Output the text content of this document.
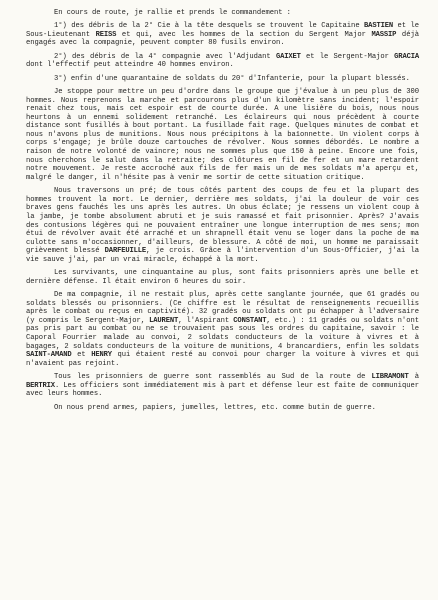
En cours de route, je rallie et prends le commandement :

1°) des débris de la 2° Cie à la tête desquels se trouvent le Capitaine BASTIEN et le Sous-Lieutenant REISS et qui, avec les hommes de la section du Sergent Major MASSIP déjà engagés avec la compagnie, peuvent compter 80 fusils environ.

2°) des débris de la 4° compagnie avec l'Adjudant GAIXET et le Sergent-Major GRACIA dont l'effectif peut atteindre 40 hommes environ.

3°) enfin d'une quarantaine de soldats du 20° d'Infanterie, pour la plupart blessés.

Je stoppe pour mettre un peu d'ordre dans le groupe que j'évalue à un peu plus de 300 hommes. Nous reprenons la marche et parcourons plus d'un kilomètre sans incident; l'espoir renait chez tous, mais cet espoir est de courte durée. A une lisière du bois, nous nous heurtons à un ennemi solidement retranché. Les éclaireurs qui nous précèdent à courte distance sont fusillés à bout portant. La fusillade fait rage. Quelques minutes de combat et nous n'avons plus de munitions. Nous nous précipitons à la baïonnette. Un violent corps à corps s'engage; je brûle douze cartouches de révolver. Nous sommes débordés. Le nombre a raison de notre volonté de vaincre; nous ne sommes plus que 150 à peine. Encore une fois, nous cherchons le salut dans la retraite; des clôtures en fil de fer et un mare retardent notre mouvement. Je reste accroché aux fils de fer mais un de mes soldats m'a aperçu et, malgré le danger, il n'hésite pas à venir me sortir de cette situation critique.

Nous traversons un pré; de tous côtés partent des coups de feu et la plupart des hommes trouvent la mort. Le dernier, derrière mes soldats, j'ai la douleur de voir ces braves gens fauchés les uns après les autres. Un obus éclate; je ressens un violent coup à la jambe, je tombe absolument abruti et je suis ramassé et fait prisonnier. Après? J'avais des contusions légères qui ne pouvaient entraîner une longue interruption de mes sens; mon étui de révolver avait été arraché et un shrapnell était venu se loger dans la poche de ma culotte sans m'occasionner, d'ailleurs, de blessure. A côté de moi, un homme me paraissait grièvement blessé DARFEUILLE, je crois. Grâce à l'intervention d'un Sous-Officier, j'ai la vie sauve j'ai, par un vrai miracle, échappé à la mort.

Les survivants, une cinquantaine au plus, sont faits prisonniers après une belle et dernière défense. Il était environ 6 heures du soir.

De ma compagnie, il ne restait plus, après cette sanglante journée, que 61 gradés ou soldats blessés ou prisonniers. (Ce chiffre est le résultat de renseignements recueillis après le combat ou reçus en captivité). 32 gradés ou soldats ont pu échapper à l'adversaire (y compris le Sergent-Major, LAURENT, l'Aspirant CONSTANT, etc.) : 11 gradés ou soldats n'ont pas pris part au combat ou ne se trouvaient pas sous les ordres du capitaine, savoir : le Caporal Fourrier malade au convoi, 2 soldats conducteurs de la voiture à vivres et à bagages, 2 soldats conducteurs de la voiture de munitions, 4 brancardiers, enfin les soldats SAINT-AMAND et HENRY qui étaient resté au convoi pour charger la voiture à vivres et qui n'avaient pas rejoint.

Tous les prisonniers de guerre sont rassemblés au Sud de la route de LIBRAMONT à BERTRIX. Les officiers sont immédiatement mis à part et défense leur est faite de communiquer avec leurs hommes.

On nous prend armes, papiers, jumelles, lettres, etc. comme butin de guerre.
